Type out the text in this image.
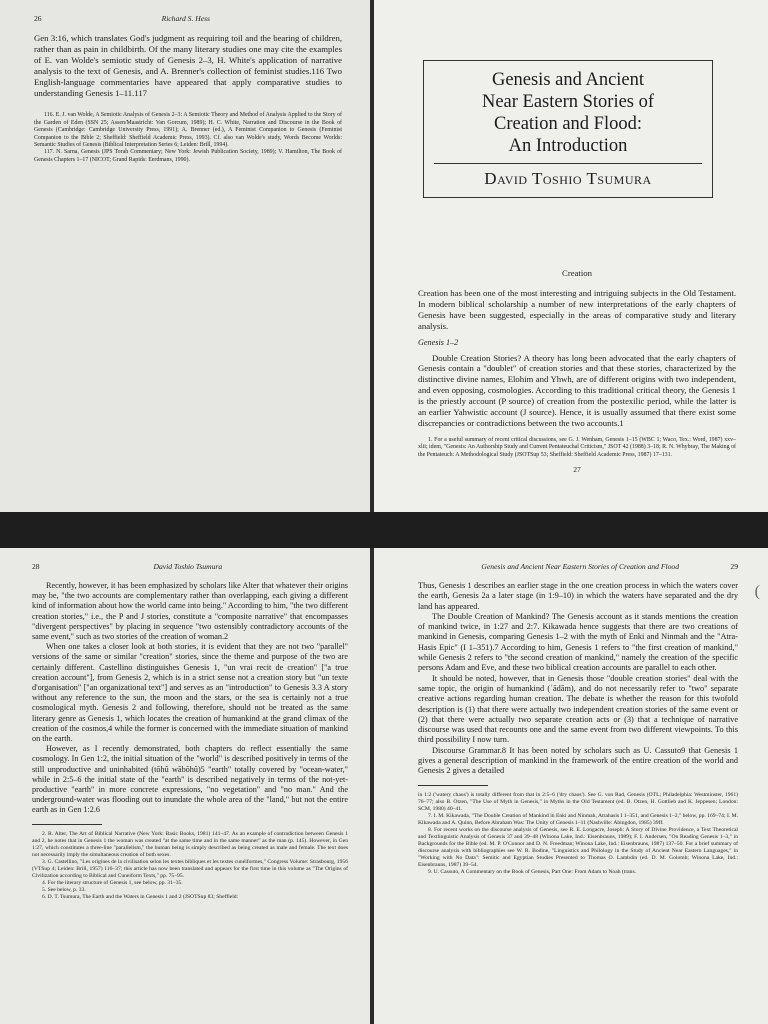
26	Richard S. Hess

Gen 3:16, which translates God's judgment as requiring toil and the bearing of children, rather than as pain in childbirth. Of the many literary studies one may cite the examples of E. van Wolde's semiotic study of Genesis 2–3, H. White's application of narrative analysis to the text of Genesis, and A. Brenner's collection of feminist studies.116 Two English-language commentaries have appeared that apply comparative studies to understanding Genesis 1–11.117

116. E. J. van Wolde, A Semiotic Analysis of Genesis 2–3: A Semiotic Theory and Method of Analysis Applied to the Story of the Garden of Eden (SSN 25; Assen/Maastricht: Van Gorcum, 1989); H. C. White, Narration and Discourse in the Book of Genesis (Cambridge: Cambridge University Press, 1991); A. Brenner (ed.), A Feminist Companion to Genesis (Feminist Companion to the Bible 2; Sheffield: Sheffield Academic Press, 1993). Cf. also van Wolde's study, Words Become Worlds: Semantic Studies of Genesis (Biblical Interpretation Series 6; Leiden: Brill, 1994).

117. N. Sarna, Genesis (JPS Torah Commentary; New York: Jewish Publication Society, 1989); V. Hamilton, The Book of Genesis Chapters 1–17 (NICOT; Grand Rapids: Eerdmans, 1990).

Genesis and Ancient
Near Eastern Stories of
Creation and Flood:
An Introduction
David Toshio Tsumura
Creation

Creation has been one of the most interesting and intriguing subjects in the Old Testament. In modern biblical scholarship a number of new interpretations of the early chapters of Genesis have been suggested, especially in the areas of comparative study and literary analysis.

Genesis 1–2

Double Creation Stories? A theory has long been advocated that the early chapters of Genesis contain a "doublet" of creation stories and that these stories, characterized by the distinctive divine names, Elohim and Yhwh, are of different origins with two independent, and even opposing, cosmologies. According to this traditional critical theory, the Genesis 1 is the priestly account (P source) of creation from the postexilic period, while the latter is an earlier Yahwistic account (J source). Hence, it is usually assumed that there exist some discrepancies or contradictions between the two accounts.1

1. For a useful summary of recent critical discussions, see G. J. Wenham, Genesis 1–15 (WBC 1; Waco, Tex.: Word, 1987) xxv–xlii; idem, "Genesis: An Authorship Study and Current Pentateuchal Criticism," JSOT 42 (1988) 3–18; R. N. Whybray, The Making of the Pentateuch: A Methodological Study (JSOTSup 53; Sheffield: Sheffield Academic Press, 1987) 17–131.

27
28	David Toshio Tsumura

Recently, however, it has been emphasized by scholars like Alter that whatever their origins may be, "the two accounts are complementary rather than overlapping, each giving a different kind of information about how the world came into being." According to him, "the two different creation stories," i.e., the P and J stories, constitute a "composite narrative" that encompasses "divergent perspectives" by placing in sequence "two ostensibly contradictory accounts of the same event," such as two stories of the creation of woman.2

When one takes a closer look at both stories, it is evident that they are not two "parallel" versions of the same or similar "creation" stories, since the theme and purpose of the two are certainly different. Castellino distinguishes Genesis 1, "un vrai recit de creation" ["a true creation account"], from Genesis 2, which is in a strict sense not a creation story but "un texte d'organisation" ["an organizational text"] and serves as an "introduction" to Genesis 3.3 A story without any reference to the sun, the moon and the stars, or the sea is certainly not a true cosmological myth. Genesis 2 and following, therefore, should not be treated as the same literary genre as Genesis 1, which locates the creation of humankind at the grand climax of the creation of the cosmos,4 while the former is concerned with the immediate situation of mankind on the earth.

However, as I recently demonstrated, both chapters do reflect essentially the same cosmology. In Gen 1:2, the initial situation of the "world" is described positively in terms of the still unproductive and uninhabited (tōhû wābōhû)5 "earth" totally covered by "ocean-water," while in 2:5–6 the initial state of the "earth" is described negatively in terms of the not-yet-productive "earth" in more concrete expressions, "no vegetation" and "no man." And the underground-water was flooding out to inundate the whole area of the "land," but not the entire earth as in Gen 1:2.6

2. R. Alter, The Art of Biblical Narrative (New York: Basic Books, 1981) 141–47. As an example of contradiction between Genesis 1 and 2, he notes that in Genesis 1 the woman was created "at the same time and in the same manner" as the man (p. 145). However, in Gen 1:27, which constitutes a three-line "parallelism," the human being is simply described as being created as male and female. The text does not necessarily imply the simultaneous creation of both sexes.

3. G. Castellino, "Les origines de la civilisation selon les textes bibliques et les textes cunéiformes," Congress Volume: Strasbourg, 1956 (VTSup 4; Leiden: Brill, 1957) 116–37; this article has now been translated and appears for the first time in this volume as "The Origins of Civilization according to Biblical and Cuneiform Texts," pp. 75–95.

4. For the literary structure of Genesis 1, see below, pp. 31–35.

5. See below, p. 33.

6. D. T. Tsumura, The Earth and the Waters in Genesis 1 and 2 (JSOTSup 83; Sheffield:

Genesis and Ancient Near Eastern Stories of Creation and Flood	29
(

Thus, Genesis 1 describes an earlier stage in the one creation process in which the waters cover the earth, Genesis 2a a later stage (in 1:9–10) in which the waters have separated and the dry land has appeared.

The Double Creation of Mankind? The Genesis account as it stands mentions the creation of mankind twice, in 1:27 and 2:7. Kikawada hence suggests that there are two creations of mankind in Genesis, comparing Genesis 1–2 with the myth of Enki and Ninmah and the "Atra-Hasis Epic" (I 1–351).7 According to him, Genesis 1 refers to "the first creation of mankind," while Genesis 2 refers to "the second creation of mankind," namely the creation of the specific persons Adam and Eve, and these two biblical creation accounts are parallel to each other.

It should be noted, however, that in Genesis those "double creation stories" deal with the same topic, the origin of humankind (ʾādām), and do not necessarily refer to "two" separate creative actions regarding human creation. The debate is whether the reason for this twofold description is (1) that there were actually two independent creation stories of the same event or (2) that there were actually two separate creation acts or (3) that a technique of narrative discourse was used that recounts one and the same event from two different viewpoints. To this third possibility I now turn.

Discourse Grammar.8 It has been noted by scholars such as U. Cassuto9 that Genesis 1 gives a general description of mankind in the framework of the entire creation of the world and Genesis 2 gives a detailed

in 1:2 ('watery chaos') is totally different from that in 2:5–6 ('dry chaos'). See G. von Rad, Genesis (OTL; Philadelphia: Westminster, 1961) 76–77; also B. Otzen, "The Use of Myth in Genesis," in Myths in the Old Testament (ed. B. Otzen, H. Gottlieb and K. Jeppesen; London: SCM, 1980) 40–41.

7. I. M. Kikawada, "The Double Creation of Mankind in Enki and Ninmah, Atrahasis I 1–351, and Genesis 1–2," below, pp. 169–74; I. M. Kikawada and A. Quinn, Before Abraham Was: The Unity of Genesis 1–11 (Nashville: Abingdon, 1985) 39ff.

8. For recent works on the discourse analysis of Genesis, see R. E. Longacre, Joseph: A Story of Divine Providence, a Text Theoretical and Textlinguistic Analysis of Genesis 37 and 39–48 (Winona Lake, Ind.: Eisenbrauns, 1989); F. I. Andersen, "On Reading Genesis 1–3," in Backgrounds for the Bible (ed. M. P. O'Connor and D. N. Freedman; Winona Lake, Ind.: Eisenbrauns, 1987) 137–50. For a brief summary of discourse analysis with bibliographies see W. R. Bodine, "Linguistics and Philology in the Study of Ancient Near Eastern Languages," in "Working with No Data": Semitic and Egyptian Studies Presented to Thomas O. Lambdin (ed. D. M. Golomb; Winona Lake, Ind.: Eisenbrauns, 1987) 39–54.

9. U. Cassuto, A Commentary on the Book of Genesis, Part One: From Adam to Noah (trans.
